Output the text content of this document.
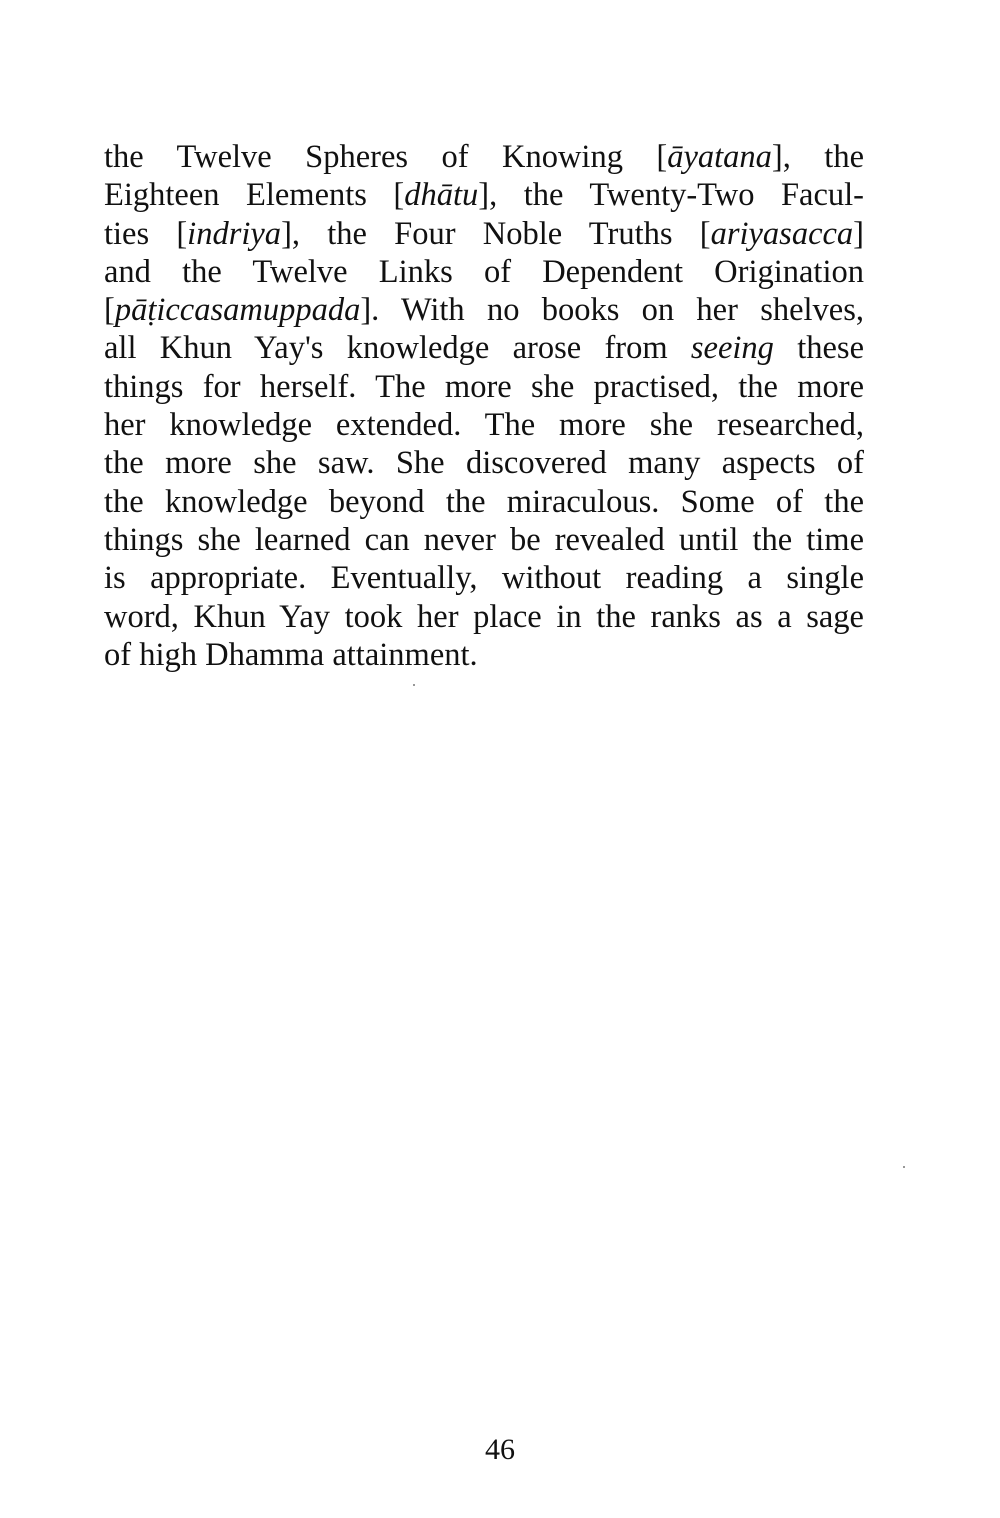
the Twelve Spheres of Knowing [āyatana], the
Eighteen Elements [dhātu], the Twenty-Two Facul-
ties [indriya], the Four Noble Truths [ariyasacca]
and the Twelve Links of Dependent Origination
[pāṭiccasamuppada]. With no books on her shelves,
all Khun Yay's knowledge arose from seeing these
things for herself. The more she practised, the more
her knowledge extended. The more she researched,
the more she saw. She discovered many aspects of
the knowledge beyond the miraculous. Some of the
things she learned can never be revealed until the time
is appropriate. Eventually, without reading a single
word, Khun Yay took her place in the ranks as a sage
of high Dhamma attainment.
46
